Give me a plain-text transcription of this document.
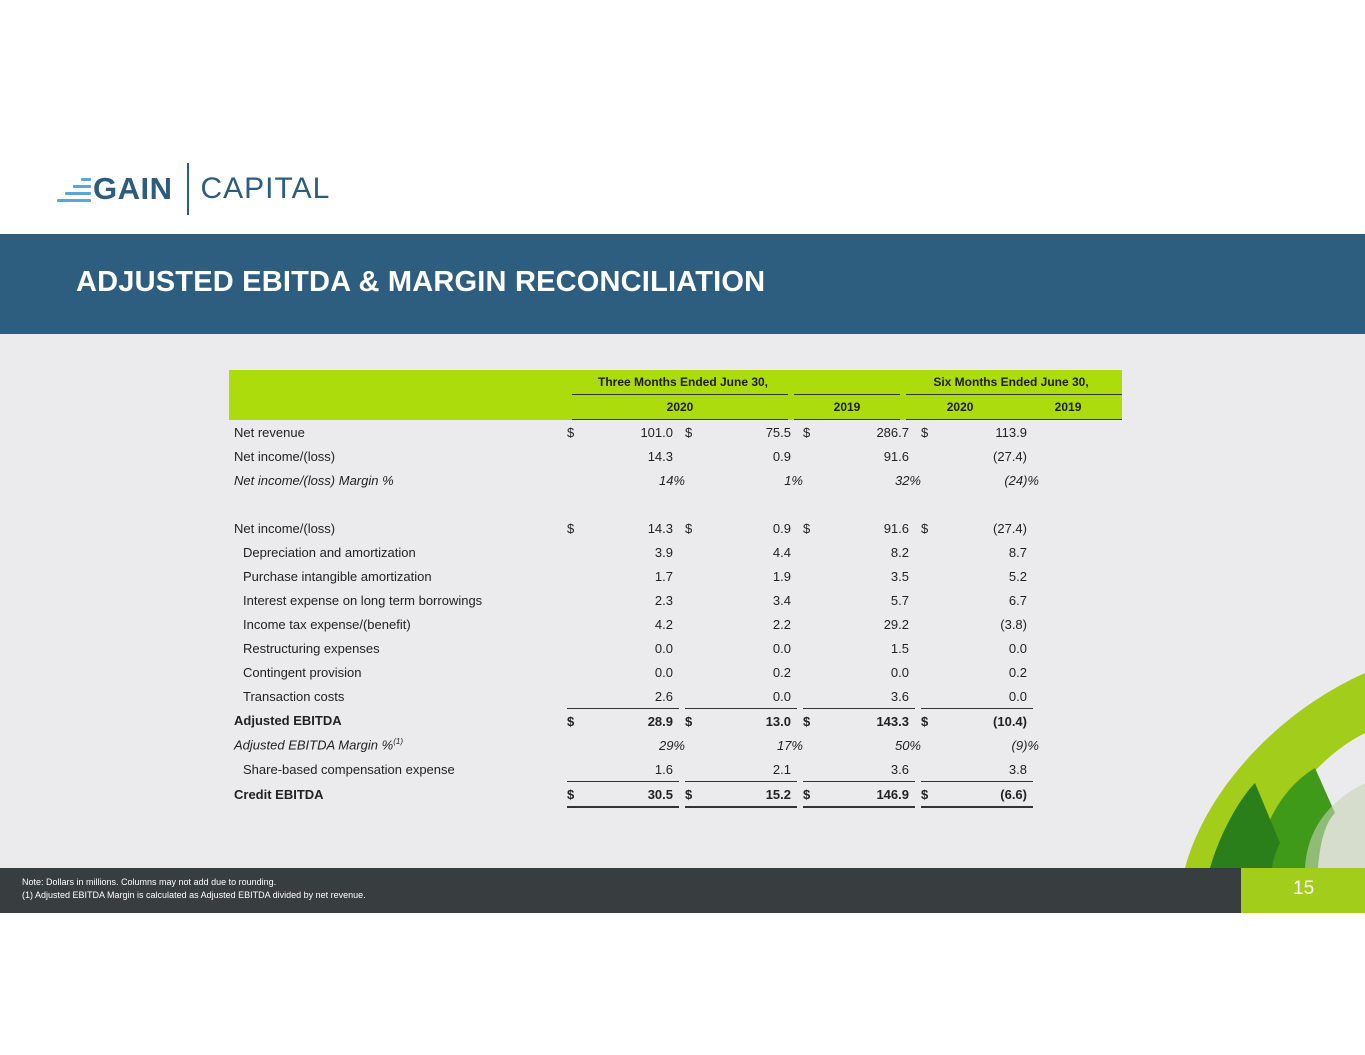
GAIN CAPITAL
ADJUSTED EBITDA & MARGIN RECONCILIATION
		Three Months Ended June 30,			Six Months Ended June 30,		
		2020		2019		2020	2019
Net revenue	$	101.0		$	75.5		$	286.7		$	113.9
Net income/(loss)		14.3			0.9			91.6			(27.4)
Net income/(loss) Margin %		14%			1%			32%			(24)%

Net income/(loss)	$	14.3		$	0.9		$	91.6		$	(27.4)
Depreciation and amortization		3.9			4.4			8.2			8.7
Purchase intangible amortization		1.7			1.9			3.5			5.2
Interest expense on long term borrowings		2.3			3.4			5.7			6.7
Income tax expense/(benefit)		4.2			2.2			29.2			(3.8)
Restructuring expenses		0.0			0.0			1.5			0.0
Contingent provision		0.0			0.2			0.0			0.2
Transaction costs		2.6			0.0			3.6			0.0
Adjusted EBITDA	$	28.9		$	13.0		$	143.3		$	(10.4)
Adjusted EBITDA Margin %$^{(1)}$		29%			17%			50%			(9)%
Share-based compensation expense		1.6			2.1			3.6			3.8
Credit EBITDA	$	30.5		$	15.2		$	146.9		$	(6.6)
Note: Dollars in millions. Columns may not add due to rounding.
(1) Adjusted EBITDA Margin is calculated as Adjusted EBITDA divided by net revenue.	15
